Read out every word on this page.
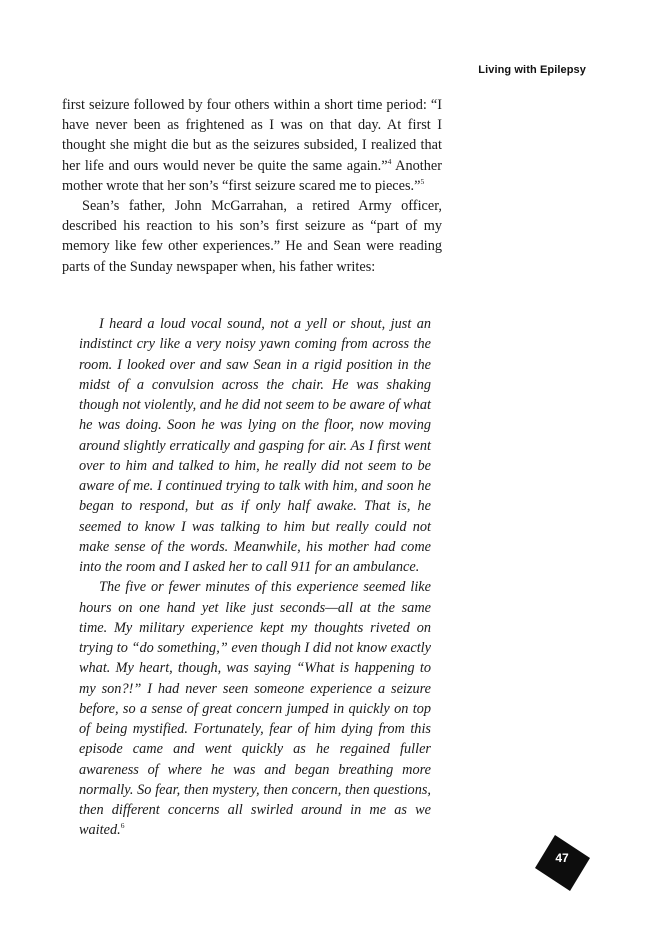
Living with Epilepsy

first seizure followed by four others within a short time period: “I have never been as frightened as I was on that day. At first I thought she might die but as the seizures subsided, I realized that her life and ours would never be quite the same again.”$^4$ Another mother wrote that her son’s “first seizure scared me to pieces.”$^5$

Sean’s father, John McGarrahan, a retired Army officer, described his reaction to his son’s first seizure as “part of my memory like few other experiences.” He and Sean were reading parts of the Sunday newspaper when, his father writes:

I heard a loud vocal sound, not a yell or shout, just an indistinct cry like a very noisy yawn coming from across the room. I looked over and saw Sean in a rigid position in the midst of a convulsion across the chair. He was shaking though not violently, and he did not seem to be aware of what he was doing. Soon he was lying on the floor, now moving around slightly erratically and gasping for air. As I first went over to him and talked to him, he really did not seem to be aware of me. I continued trying to talk with him, and soon he began to respond, but as if only half awake. That is, he seemed to know I was talking to him but really could not make sense of the words. Meanwhile, his mother had come into the room and I asked her to call 911 for an ambulance.

The five or fewer minutes of this experience seemed like hours on one hand yet like just seconds—all at the same time. My military experience kept my thoughts riveted on trying to “do something,” even though I did not know exactly what. My heart, though, was saying “What is happening to my son?!” I had never seen someone experience a seizure before, so a sense of great concern jumped in quickly on top of being mystified. Fortunately, fear of him dying from this episode came and went quickly as he regained fuller awareness of where he was and began breathing more normally. So fear, then mystery, then concern, then questions, then different concerns all swirled around in me as we waited.$^6$

47
